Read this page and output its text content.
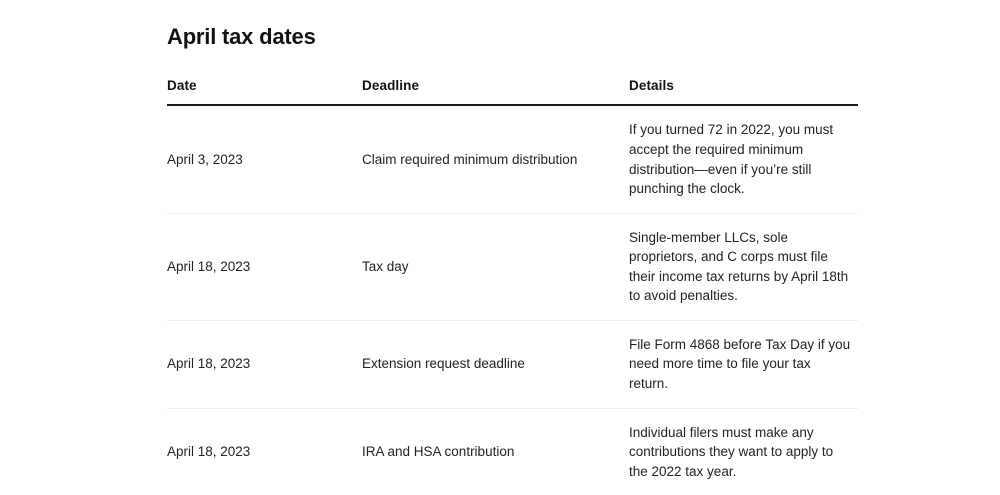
April tax dates
Date	Deadline	Details
April 3, 2023	Claim required minimum distribution	If you turned 72 in 2022, you must accept the required minimum distribution—even if you’re still punching the clock.
April 18, 2023	Tax day	Single-member LLCs, sole proprietors, and C corps must file their income tax returns by April 18th to avoid penalties.
April 18, 2023	Extension request deadline	File Form 4868 before Tax Day if you need more time to file your tax return.
April 18, 2023	IRA and HSA contribution	Individual filers must make any contributions they want to apply to the 2022 tax year.
